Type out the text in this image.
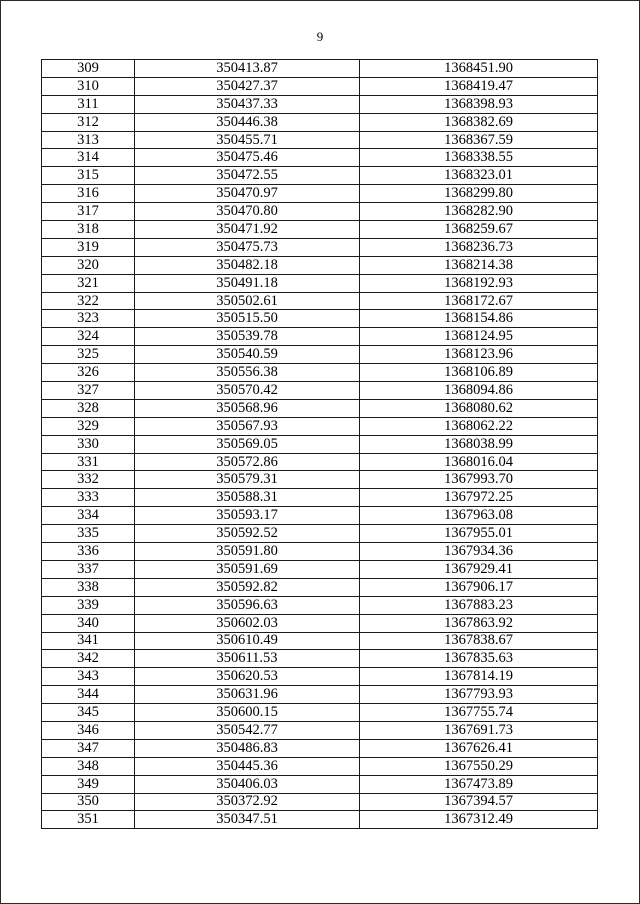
9
309	350413.87	1368451.90
310	350427.37	1368419.47
311	350437.33	1368398.93
312	350446.38	1368382.69
313	350455.71	1368367.59
314	350475.46	1368338.55
315	350472.55	1368323.01
316	350470.97	1368299.80
317	350470.80	1368282.90
318	350471.92	1368259.67
319	350475.73	1368236.73
320	350482.18	1368214.38
321	350491.18	1368192.93
322	350502.61	1368172.67
323	350515.50	1368154.86
324	350539.78	1368124.95
325	350540.59	1368123.96
326	350556.38	1368106.89
327	350570.42	1368094.86
328	350568.96	1368080.62
329	350567.93	1368062.22
330	350569.05	1368038.99
331	350572.86	1368016.04
332	350579.31	1367993.70
333	350588.31	1367972.25
334	350593.17	1367963.08
335	350592.52	1367955.01
336	350591.80	1367934.36
337	350591.69	1367929.41
338	350592.82	1367906.17
339	350596.63	1367883.23
340	350602.03	1367863.92
341	350610.49	1367838.67
342	350611.53	1367835.63
343	350620.53	1367814.19
344	350631.96	1367793.93
345	350600.15	1367755.74
346	350542.77	1367691.73
347	350486.83	1367626.41
348	350445.36	1367550.29
349	350406.03	1367473.89
350	350372.92	1367394.57
351	350347.51	1367312.49
